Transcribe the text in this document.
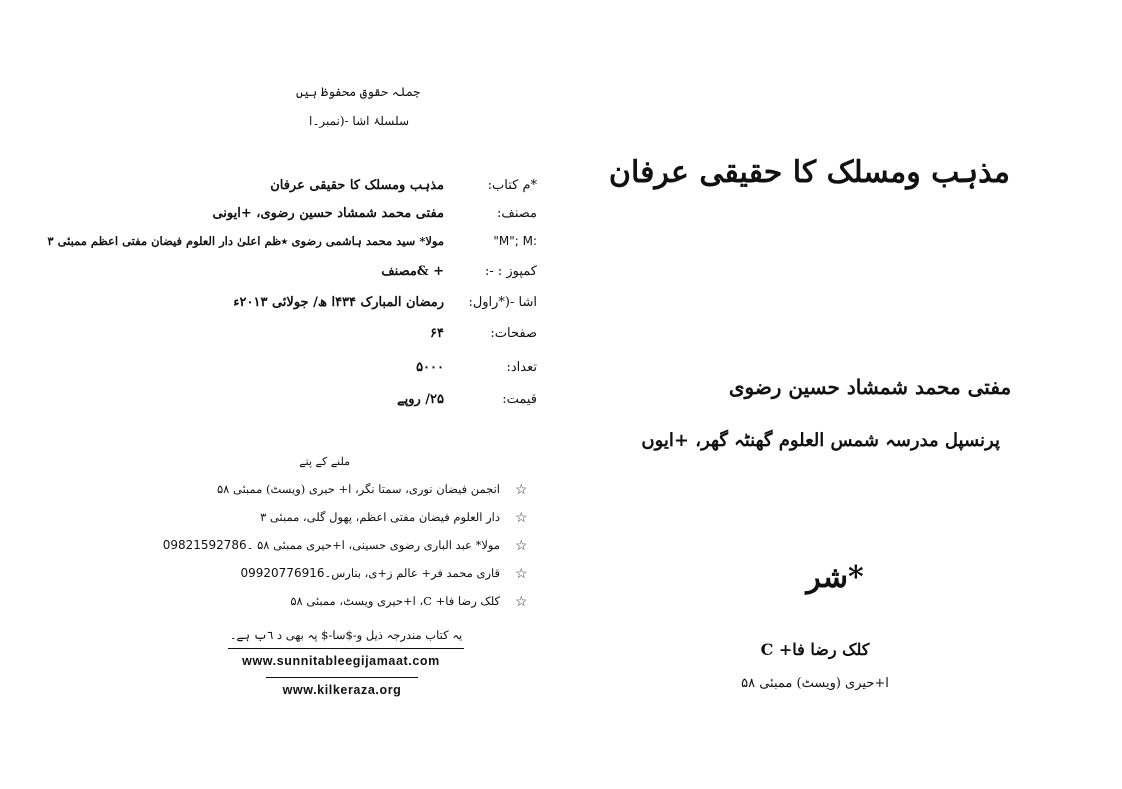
جملہ حقوق محفوظ ہیں
سلسلۂ اشا -(نمبر۔ا
*م کتاب:
مذہب ومسلک کا حقیقی عرفان
مصنف:
مفتی محمد شمشاد حسین رضوی، +ایونی
"M"; M:
مولا* سید محمد ہاشمی رضوی ٭ظم اعلیٰ دار العلوم فیضان مفتی اعظم ممبئی ٣
کمپوز : -:
+ &مصنف
اشا -(*راول:
رمضان المبارک ۴۳۴ا ھ/ جولائی ۲۰۱۳ء
صفحات:
۶۴
تعداد:
۵۰۰۰
قیمت:
۲۵/ روپے
ملنے کے پتے
☆
انجمن فیضان نوری، سمتا نگر، ا+ حیری (ویسٹ) ممبئی ۵۸
☆
دار العلوم فیضان مفتی اعظم، پھول گلی، ممبئی ٣
☆
مولا* عبد الباری رضوی حسینی، ا+حیری ممبئی ۵۸ ۔09821592786
☆
قاری محمد فر+ عالم ز+ی، بنارس۔09920776916
☆
کلک رضا فا+ C، ا+حیری ویسٹ، ممبئی ۵۸
یہ کتاب مندرجہ ذیل و-$سا-$ پہ بھی د ٦ب ہے۔
www.sunnitableegijamaat.com
www.kilkeraza.org
مذہب ومسلک کا حقیقی عرفان
مفتی محمد شمشاد حسین رضوی
پرنسپل مدرسہ شمس العلوم گھنٹہ گھر، +ایوں
*شر
کلک رضا فا+ C
ا+حیری (ویسٹ) ممبئی ۵۸
